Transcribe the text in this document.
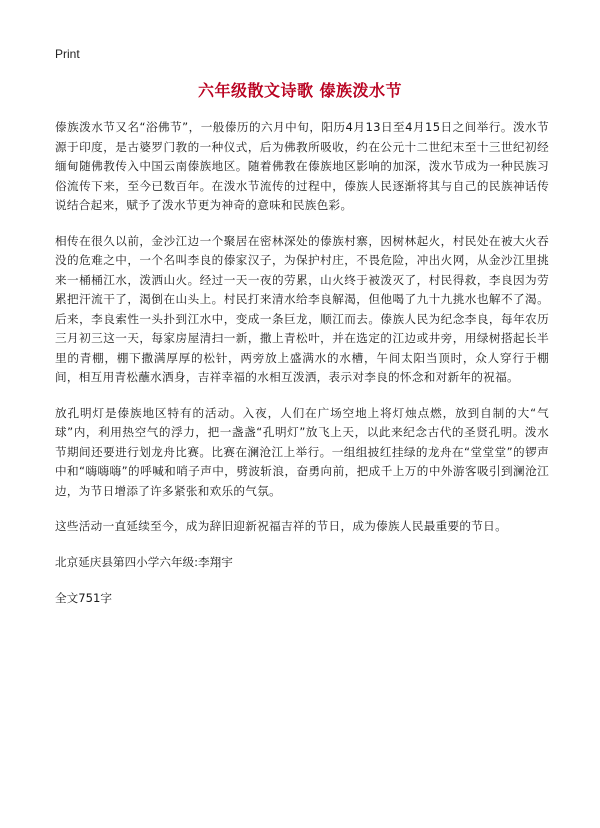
Print
六年级散文诗歌 傣族泼水节

傣族泼水节又名“浴佛节”，一般傣历的六月中旬，阳历4月13日至4月15日之间举行。泼水节源于印度，是古婆罗门教的一种仪式，后为佛教所吸收，约在公元十二世纪末至十三世纪初经缅甸随佛教传入中国云南傣族地区。随着佛教在傣族地区影响的加深，泼水节成为一种民族习俗流传下来，至今已数百年。在泼水节流传的过程中，傣族人民逐渐将其与自己的民族神话传说结合起来，赋予了泼水节更为神奇的意味和民族色彩。

相传在很久以前，金沙江边一个聚居在密林深处的傣族村寨，因树林起火，村民处在被大火吞没的危难之中，一个名叫李良的傣家汉子，为保护村庄，不畏危险，冲出火网，从金沙江里挑来一桶桶江水，泼洒山火。经过一天一夜的劳累，山火终于被泼灭了，村民得救，李良因为劳累把汗流干了，渴倒在山头上。村民打来清水给李良解渴，但他喝了九十九挑水也解不了渴。后来，李良索性一头扑到江水中，变成一条巨龙，顺江而去。傣族人民为纪念李良，每年农历三月初三这一天，每家房屋清扫一新，撒上青松叶，并在选定的江边或井旁，用绿树搭起长半里的青棚，棚下撒满厚厚的松针，两旁放上盛满水的水槽，午间太阳当顶时，众人穿行于棚间，相互用青松蘸水洒身，吉祥幸福的水相互泼洒，表示对李良的怀念和对新年的祝福。

放孔明灯是傣族地区特有的活动。入夜，人们在广场空地上将灯烛点燃，放到自制的大“气球”内，利用热空气的浮力，把一盏盏“孔明灯”放飞上天，以此来纪念古代的圣贤孔明。泼水节期间还要进行划龙舟比赛。比赛在澜沧江上举行。一组组披红挂绿的龙舟在“堂堂堂”的锣声中和“嗨嗨嗨”的呼喊和哨子声中，劈波斩浪，奋勇向前，把成千上万的中外游客吸引到澜沧江边，为节日增添了许多紧张和欢乐的气氛。

这些活动一直延续至今，成为辞旧迎新祝福吉祥的节日，成为傣族人民最重要的节日。

北京延庆县第四小学六年级:李翔宇

全文751字
